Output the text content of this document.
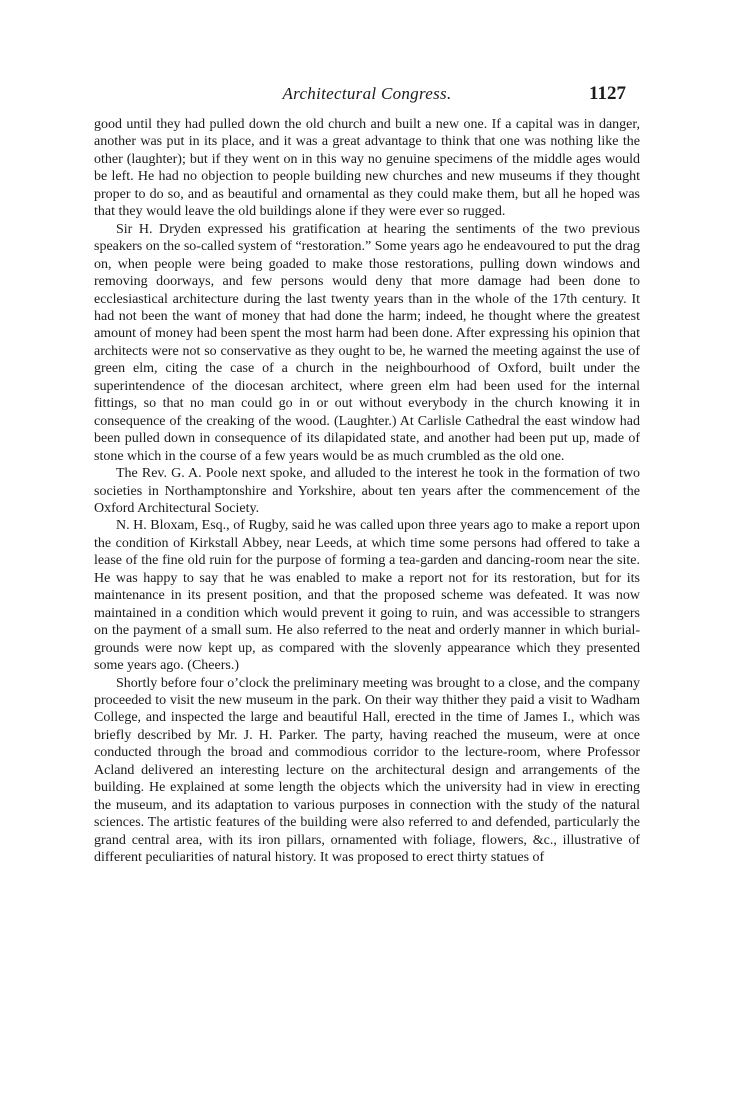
Architectural Congress.	1127

good until they had pulled down the old church and built a new one. If a capital was in danger, another was put in its place, and it was a great advantage to think that one was nothing like the other (laughter); but if they went on in this way no genuine specimens of the middle ages would be left. He had no objection to people building new churches and new museums if they thought proper to do so, and as beautiful and ornamental as they could make them, but all he hoped was that they would leave the old buildings alone if they were ever so rugged.

Sir H. Dryden expressed his gratification at hearing the sentiments of the two previous speakers on the so-called system of “restoration.” Some years ago he endeavoured to put the drag on, when people were being goaded to make those restorations, pulling down windows and removing doorways, and few persons would deny that more damage had been done to ecclesiastical architecture during the last twenty years than in the whole of the 17th century. It had not been the want of money that had done the harm; indeed, he thought where the greatest amount of money had been spent the most harm had been done. After expressing his opinion that architects were not so conservative as they ought to be, he warned the meeting against the use of green elm, citing the case of a church in the neighbourhood of Oxford, built under the superintendence of the diocesan architect, where green elm had been used for the internal fittings, so that no man could go in or out without everybody in the church knowing it in consequence of the creaking of the wood. (Laughter.) At Carlisle Cathedral the east window had been pulled down in consequence of its dilapidated state, and another had been put up, made of stone which in the course of a few years would be as much crumbled as the old one.

The Rev. G. A. Poole next spoke, and alluded to the interest he took in the formation of two societies in Northamptonshire and Yorkshire, about ten years after the commencement of the Oxford Architectural Society.

N. H. Bloxam, Esq., of Rugby, said he was called upon three years ago to make a report upon the condition of Kirkstall Abbey, near Leeds, at which time some persons had offered to take a lease of the fine old ruin for the purpose of forming a tea-garden and dancing-room near the site. He was happy to say that he was enabled to make a report not for its restoration, but for its maintenance in its present position, and that the proposed scheme was defeated. It was now maintained in a condition which would prevent it going to ruin, and was accessible to strangers on the payment of a small sum. He also referred to the neat and orderly manner in which burial-grounds were now kept up, as compared with the slovenly appearance which they presented some years ago. (Cheers.)

Shortly before four o’clock the preliminary meeting was brought to a close, and the company proceeded to visit the new museum in the park. On their way thither they paid a visit to Wadham College, and inspected the large and beautiful Hall, erected in the time of James I., which was briefly described by Mr. J. H. Parker. The party, having reached the museum, were at once conducted through the broad and commodious corridor to the lecture-room, where Professor Acland delivered an interesting lecture on the architectural design and arrangements of the building. He explained at some length the objects which the university had in view in erecting the museum, and its adaptation to various purposes in connection with the study of the natural sciences. The artistic features of the building were also referred to and defended, particularly the grand central area, with its iron pillars, ornamented with foliage, flowers, &c., illustrative of different peculiarities of natural history. It was proposed to erect thirty statues of
